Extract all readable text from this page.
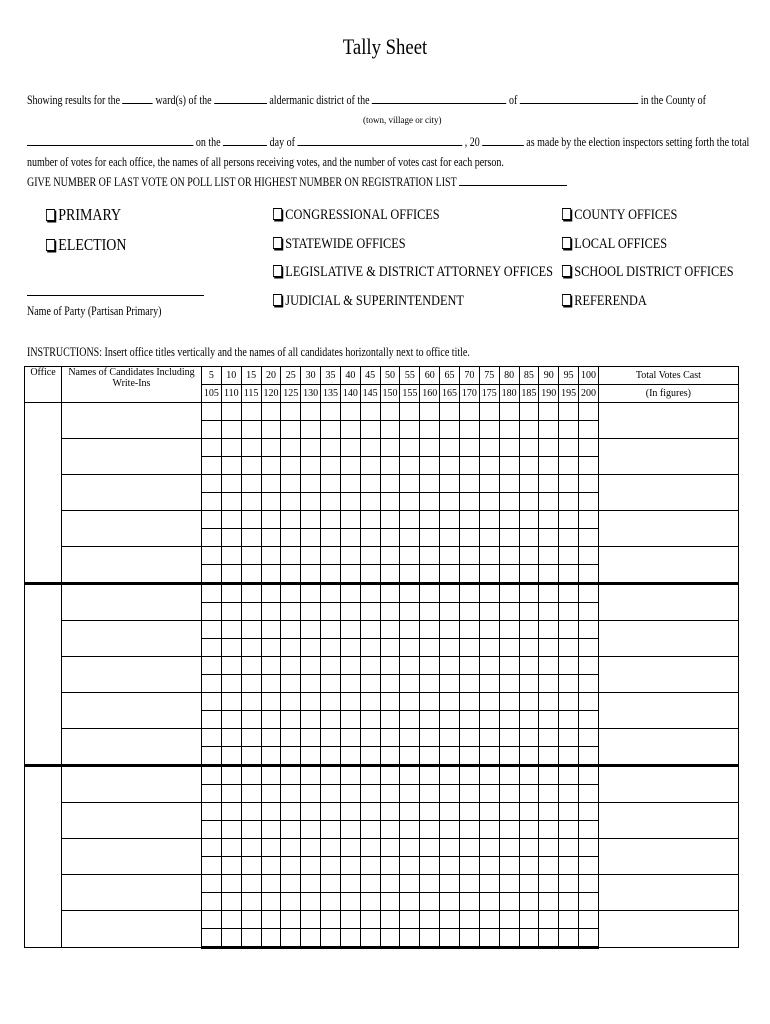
Tally Sheet
Showing results for the	ward(s) of the	aldermanic district of the	of	in the County of
(town, village or city)
on the	day of	, 20	as made by the election inspectors setting forth the total
number of votes for each office, the names of all persons receiving votes, and the number of votes cast for each person.
GIVE NUMBER OF LAST VOTE ON POLL LIST OR HIGHEST NUMBER ON REGISTRATION LIST
PRIMARY
ELECTION
CONGRESSIONAL OFFICES
STATEWIDE OFFICES
LEGISLATIVE & DISTRICT ATTORNEY OFFICES
JUDICIAL & SUPERINTENDENT
COUNTY OFFICES
LOCAL OFFICES
SCHOOL DISTRICT OFFICES
REFERENDA
Name of Party (Partisan Primary)
INSTRUCTIONS: Insert office titles vertically and the names of all candidates horizontally next to office title.
Office	Names of Candidates Including Write-Ins	5	10	15	20	25	30	35	40	45	50	55	60	65	70	75	80	85	90	95	100	Total Votes Cast
		105	110	115	120	125	130	135	140	145	150	155	160	165	170	175	180	185	190	195	200	(In figures)
